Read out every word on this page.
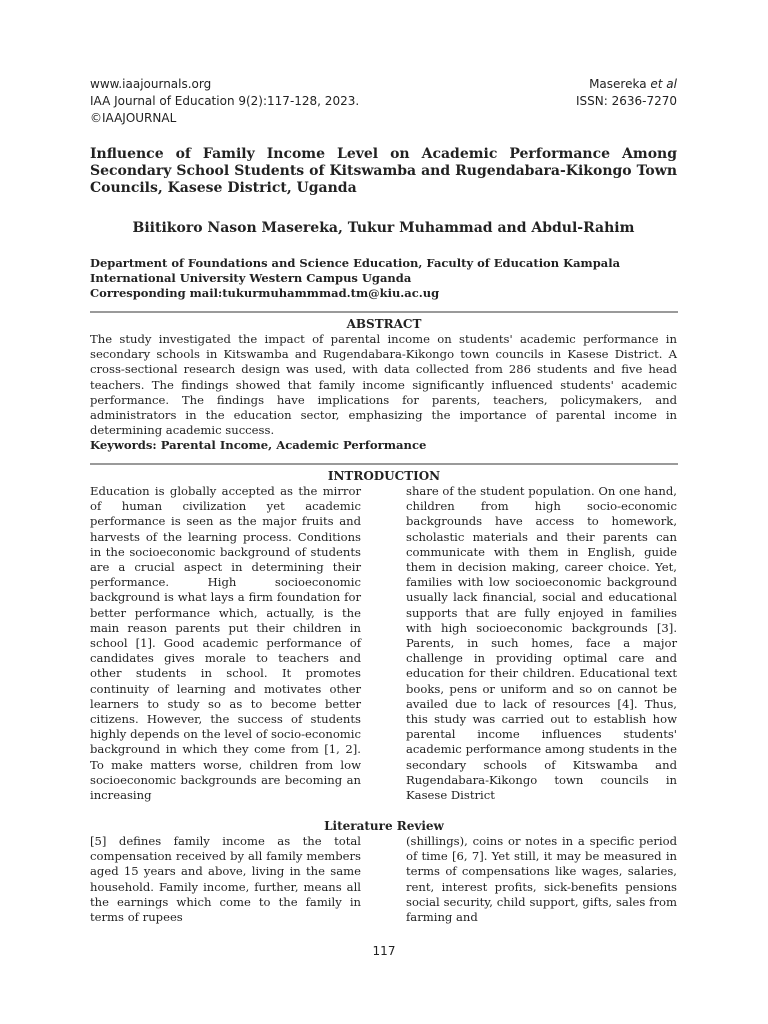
www.iaajournals.org
IAA Journal of Education 9(2):117-128, 2023.
©IAAJOURNAL
Masereka et al
ISSN: 2636-7270
Influence of Family Income Level on Academic Performance Among Secondary School Students of Kitswamba and Rugendabara-Kikongo Town Councils, Kasese District, Uganda
Biitikoro Nason Masereka, Tukur Muhammad and Abdul-Rahim
Department of Foundations and Science Education, Faculty of Education Kampala
International University Western Campus Uganda
Corresponding mail:tukurmuhammmad.tm@kiu.ac.ug
ABSTRACT
The study investigated the impact of parental income on students' academic performance in secondary schools in Kitswamba and Rugendabara-Kikongo town councils in Kasese District. A cross-sectional research design was used, with data collected from 286 students and five head teachers. The findings showed that family income significantly influenced students' academic performance. The findings have implications for parents, teachers, policymakers, and administrators in the education sector, emphasizing the importance of parental income in determining academic success.
Keywords: Parental Income, Academic Performance
INTRODUCTION
Education is globally accepted as the mirror of human civilization yet academic performance is seen as the major fruits and harvests of the learning process. Conditions in the socioeconomic background of students are a crucial aspect in determining their performance. High socioeconomic background is what lays a firm foundation for better performance which, actually, is the main reason parents put their children in school [1]. Good academic performance of candidates gives morale to teachers and other students in school. It promotes continuity of learning and motivates other learners to study so as to become better citizens. However, the success of students highly depends on the level of socio-economic background in which they come from [1, 2]. To make matters worse, children from low socioeconomic backgrounds are becoming an increasing
share of the student population. On one hand, children from high socio-economic backgrounds have access to homework, scholastic materials and their parents can communicate with them in English, guide them in decision making, career choice. Yet, families with low socioeconomic background usually lack financial, social and educational supports that are fully enjoyed in families with high socioeconomic backgrounds [3]. Parents, in such homes, face a major challenge in providing optimal care and education for their children. Educational text books, pens or uniform and so on cannot be availed due to lack of resources [4]. Thus, this study was carried out to establish how parental income influences students' academic performance among students in the secondary schools of Kitswamba and Rugendabara-Kikongo town councils in Kasese District
Literature Review
[5] defines family income as the total compensation received by all family members aged 15 years and above, living in the same household. Family income, further, means all the earnings which come to the family in terms of rupees
(shillings), coins or notes in a specific period of time [6, 7]. Yet still, it may be measured in terms of compensations like wages, salaries, rent, interest profits, sick-benefits pensions social security, child support, gifts, sales from farming and
117
